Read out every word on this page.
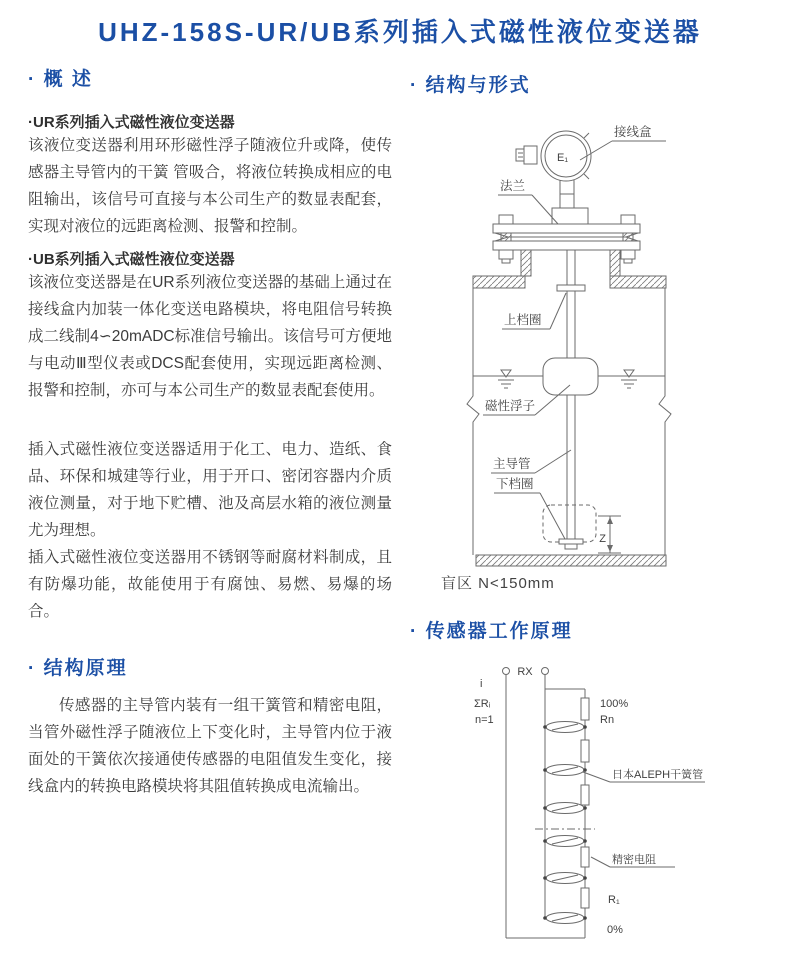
UHZ-158S-UR/UB系列插入式磁性液位变送器
· 概 述
·UR系列插入式磁性液位变送器
该液位变送器利用环形磁性浮子随液位升或降，使传感器主导管内的干簧 管吸合，将液位转换成相应的电阻输出，该信号可直接与本公司生产的数显表配套，实现对液位的远距离检测、报警和控制。
·UB系列插入式磁性液位变送器
该液位变送器是在UR系列液位变送器的基础上通过在接线盒内加装一体化变送电路模块，将电阻信号转换成二线制4∽20mADC标准信号输出。该信号可方便地与电动Ⅲ型仪表或DCS配套使用，实现远距离检测、报警和控制，亦可与本公司生产的数显表配套使用。
插入式磁性液位变送器适用于化工、电力、造纸、食品、环保和城建等行业，用于开口、密闭容器内介质液位测量，对于地下贮槽、池及高层水箱的液位测量尤为理想。
插入式磁性液位变送器用不锈钢等耐腐材料制成，且有防爆功能，故能使用于有腐蚀、易燃、易爆的场合。
· 结构原理
传感器的主导管内装有一组干簧管和精密电阻，当管外磁性浮子随液位上下变化时，主导管内位于液面处的干簧依次接通使传感器的电阻值发生变化，接线盒内的转换电路模块将其阻值转换成电流输出。
· 结构与形式
E₁
Z
接线盒
法兰
上档圈
磁性浮子
主导管
下档圈
盲区 N<150mm
· 传感器工作原理
RX
i
ΣRᵢ
n=1
100%
Rn
日本ALEPH干簧管
精密电阻
R₁
0%
